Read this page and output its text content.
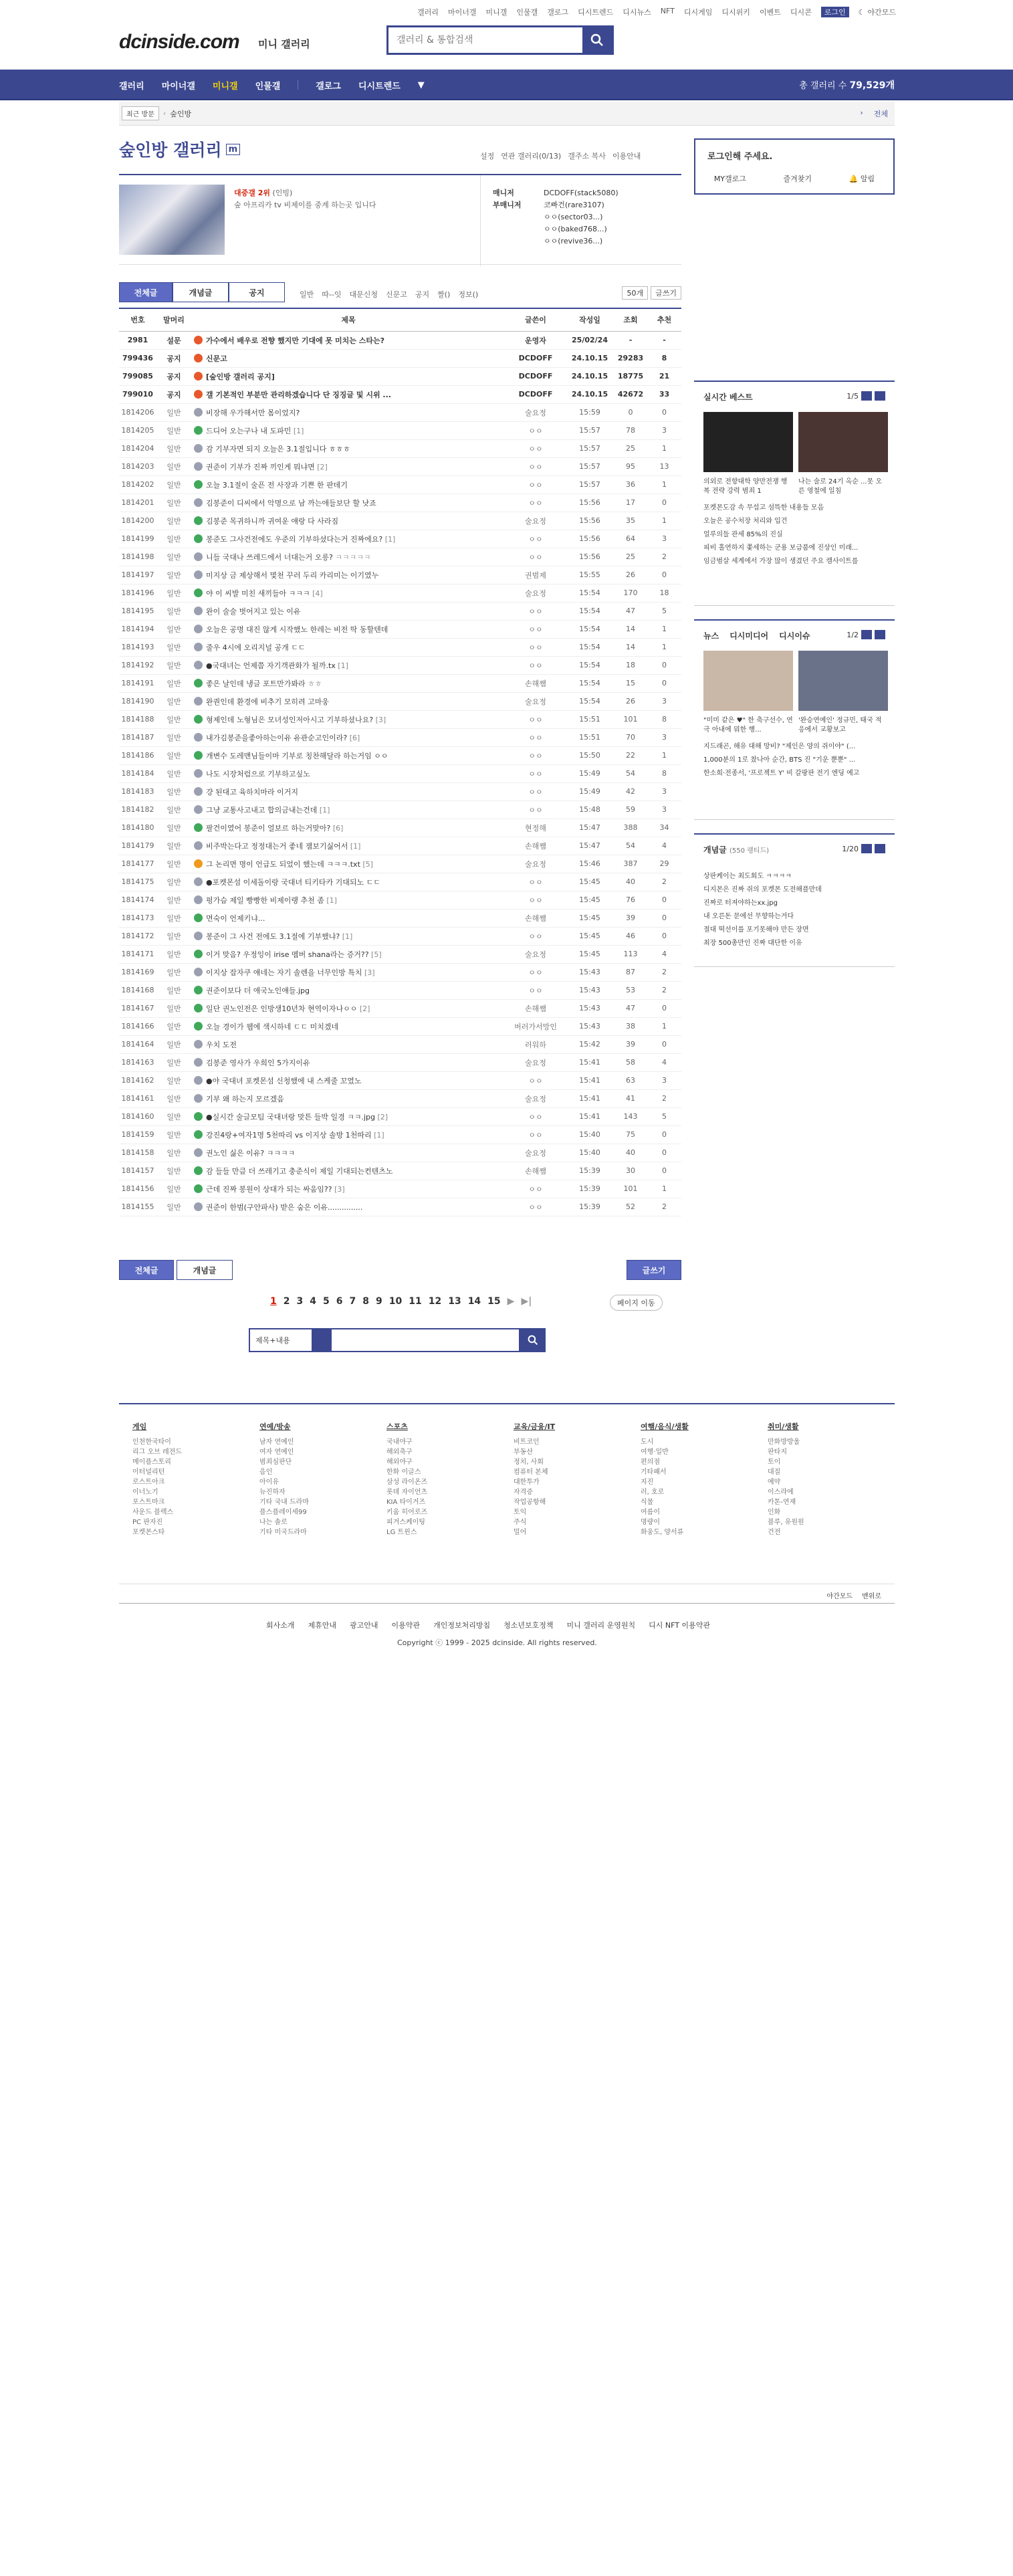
갤러리 마이너갤 미니갤 인물갤 갤로그 디시트렌드 디시뉴스 NFT 디시게임 디시위키 이벤트 디시콘	로그인	☾ 야간모드
dcinside.com 미니 갤러리
갤러리 & 통합검색
갤러리 마이너갤 미니갤 인물갤	갤로그 디시트렌드 ▼	총 갤러리 수 79,529개
최근 방문	‹ 숲인방	› 전체
숲인방 갤러리 m
설정 연관 갤러리(0/13) 갤주소 복사 이용안내
대중갤 2위 (인빙)
숲 아프리카 tv 비제이를 중계 하는곳 입니다
매니저	DCDOFF(stack5080)
부매니저	코빠건(rare3107)
ㅇㅇ(sector03...)
ㅇㅇ(baked768...)
ㅇㅇ(revive36...)
로그인해 주세요.
MY갤로그	즐겨찾기	🔔 알림
전체글	개념글	공지	일반 따--잇 대문신청 신문고 공지 짤() 정보()	50개	글쓰기
번호	말머리	제목	글쓴이	작성일	조회	추천
2981	설문	가수에서 배우로 전향 했지만 기대에 못 미치는 스타는?	운영자	25/02/24	-	-
799436	공지	신문고	DCDOFF	24.10.15	29283	8
799085	공지	[숲인방 갤러리 공지]	DCDOFF	24.10.15	18775	21
799010	공지	갤 기본적인 부분만 관리하겠습니다 단 징징글 및 시위 ...	DCDOFF	24.10.15	42672	33
1814206	일반	비장해 우가해서만 몸이었지?	술요정	15:59	0	0
1814205	일반	드디어 오는구나 내 도파민 [1]	ㅇㅇ	15:57	78	3
1814204	일반	감 기부자면 되지 오늘은 3.1절입니다 ㅎㅎㅎ	ㅇㅇ	15:57	25	1
1814203	일반	권준이 기부가 진짜 끼인게 뭐냐면 [2]	ㅇㅇ	15:57	95	13
1814202	일반	오늘 3.1절이 술픈 전 사장과 기쁜 한 판데기	ㅇㅇ	15:57	36	1
1814201	일반	김봉준이 디씨에서 악명으로 남 까는애들보단 할 낫죠	ㅇㅇ	15:56	17	0
1814200	일반	김봉준 목귀하니까 귀여운 얘랑 다 사라짐	술요정	15:56	35	1
1814199	일반	봉준도 그사건전에도 우준의 기부하셨다는거 진짜에요? [1]	ㅇㅇ	15:56	64	3
1814198	일반	니들 국대나 쓰레드에서 너대는거 오릉? ㅋㅋㅋㅋㅋ	ㅇㅇ	15:56	25	2
1814197	일반	미지상 금 제상해서 몇천 꾸러 두리 카리미는 이기였누	권범제	15:55	26	0
1814196	일반	야 이 씨발 미친 새끼들아 ㅋㅋㅋ [4]	술요정	15:54	170	18
1814195	일반	완이 술술 벗어지고 있는 이유	ㅇㅇ	15:54	47	5
1814194	일반	오늘은 공명 대진 않게 시작했노 한레는 비전 딱 동할텐데	ㅇㅇ	15:54	14	1
1814193	일반	줄우 4시에 오리지널 공개 ㄷㄷ	ㅇㅇ	15:54	14	1
1814192	일반	●국대녀는 언제쯤 자기객관화가 될까.tx [1]	ㅇㅇ	15:54	18	0
1814191	일반	좋은 날인데 냉글 포트만가봐라 ㅎㅎ	손해쨈	15:54	15	0
1814190	일반	완퀀인데 환경에 비추기 모히려 고마웅	술요정	15:54	26	3
1814188	일반	형제인데 노형님은 모녀성인저아시고 기부하셨나요? [3]	ㅇㅇ	15:51	101	8
1814187	일반	내가김봉준을좋아하는이유 유관순고인이라? [6]	ㅇㅇ	15:51	70	3
1814186	일반	개변수 도레맨님들이마 기부로 칭찬해달라 하는거임 ㅇㅇ	ㅇㅇ	15:50	22	1
1814184	일반	나도 시장처럼으로 기부하고싶노	ㅇㅇ	15:49	54	8
1814183	일반	걍 된대고 육하치마라 이거지	ㅇㅇ	15:49	42	3
1814182	일반	그냥 교통사고내고 합의금내는건데 [1]	ㅇㅇ	15:48	59	3
1814180	일반	팔건이였어 봉준이 얼보르 하는거맞아? [6]	현정해	15:47	388	34
1814179	일반	비주박는다고 정정대는거 좋네 잼보기싫어서 [1]	손해쨈	15:47	54	4
1814177	일반	그 논리면 명이 언급도 되었이 했는데 ㅋㅋㅋ.txt [5]	술요정	15:46	387	29
1814175	일반	●포켓몬섬 이세돌이랑 국대녀 티키타카 기대되노 ㄷㄷ	ㅇㅇ	15:45	40	2
1814174	일반	펑가슴 제일 빵빵한 비제이랭 추천 좀 [1]	ㅇㅇ	15:45	76	0
1814173	일반	면숙이 언제키냐...	손해쨈	15:45	39	0
1814172	일반	봉준이 그 사건 전에도 3.1절에 기부했냐? [1]	ㅇㅇ	15:45	46	0
1814171	일반	이거 맞음? 우정잉이 irise 멤버 shana라는 증거?? [5]	술요정	15:45	113	4
1814169	일반	이지상 잡자쿠 얘네는 자기 솔렌을 너무인방 특치 [3]	ㅇㅇ	15:43	87	2
1814168	일반	권준이보다 더 애국노인얘들.jpg	ㅇㅇ	15:43	53	2
1814167	일반	일단 권노인전은 인방생10년차 현역이자나ㅇㅇ [2]	손해쨈	15:43	47	0
1814166	일반	오늘 경이가 웹에 색시하네 ㄷㄷ 미치겠네	버러가서망인	15:43	38	1
1814164	일반	우치 도전	러워하	15:42	39	0
1814163	일반	김봉준 영사가 우희인 5가지이유	술요정	15:41	58	4
1814162	일반	●야 국대녀 포켓몬섬 신청했에 내 스케줄 꼬였노	ㅇㅇ	15:41	63	3
1814161	일반	기부 왜 하는지 모르겠음	술요정	15:41	41	2
1814160	일반	●실시간 술글모팀 국대녀랑 맞튼 들박 일경 ㅋㅋ.jpg [2]	ㅇㅇ	15:41	143	5
1814159	일반	강진4랑+여자1명 5천따리 vs 이지상 솔방 1천따리 [1]	ㅇㅇ	15:40	75	0
1814158	일반	권노인 싫은 이유? ㅋㅋㅋㅋ	술요정	15:40	40	0
1814157	일반	감 들들 만큼 더 쓰레기고 충준식이 제일 기대되는컨텐츠노	손해쨈	15:39	30	0
1814156	일반	근데 진짜 봉원이 상대가 되는 싸움임?? [3]	ㅇㅇ	15:39	101	1
1814155	일반	권준이 한범(구안파사) 받은 숨은 이유...............	ㅇㅇ	15:39	52	2
전체글	개념글	글쓰기
1 2 3 4 5 6 7 8 9 10 11 12 13 14 15 ▶ ▶|	페이지 이동
제목+내용
실시간 베스트	1/5
의외로 전향대학 양만전쟁 행복 전략 강력 범죄 1
나는 술로 24기 옥순 ...못 오른 영철에 일침
포켓몬도감 속 무섭고 섬뜩한 내용들 모음
오늘은 공수처장 처리와 입건
얼루의들 관세 85%의 진실
피비 홀연하지 쫓세하는 군용 보급품에 진상인 미래...
임금범살 세계에서 가장 많이 생겼던 주요 캠사이트를
뉴스 디시미디어 디시이슈	1/2
"미미 같은 ♥" 한 축구선수, 연극 아내에 뭐한 행...
'완승연예인' 정규민, 태국 적응에서 교황보고
지드래곤, 해유 대해 망비? "제인은 양의 쥐이야" (...
1,000분의 1로 찼나아 순간, BTS 진 "기운 뿐뿐" ...
한소희·전종서, '프로젝트 Y' 비 갈팡판 전기 엔딩 예고
개념글 (550 랭티드)	1/20
상판케이는 최도회도 ㅋㅋㅋㅋ
디지몬은 진짜 쥐의 포켓몬 도전해플만데
진짜로 터져야하는xx.jpg
내 오른돈 문에선 무향하는거다
절대 떡선이를 포기못해야 만든 장면
최장 500총만인 진짜 대단한 이유
게임
인천한국타이
리그 오브 레전드
메이플스토리
이터널리턴
로스트아크
이너노기
포스트마크
사운드 블렉스
PC 판자진
포켓몬스타
연예/방송
남자 연예인
여자 연예인
범죄심판단
음인
아이유
뉴진하자
기타 국내 드라마
플스플레이세99
나는 솔로
기타 미국드라마
스포츠
국내야구
해외축구
해외야구
한화 이글스
삼성 라이온즈
롯데 자이언츠
KIA 타이거즈
키움 히어로즈
피겨스케이팅
LG 트윈스
교육/금융/IT
비트코인
부동산
정치, 사회
컴퓨터 본체
대한투가
자격증
작업공항해
토익
주식
밀어
여행/음식/생활
도시
여행·일반
편의점
기타패서
지진
러, 호로
식물
여름이
명량이
화웅도, 양서류
취미/생활
만화방방울
판타지
토이
대질
예약
이스라에
카톤-연재
인화
블루, 유원원
건전
야간모드 맨위로
회사소개 제휴안내 광고안내 이용약관 개인정보처리방침 청소년보호정책 미니 갤러리 운영원칙 디시 NFT 이용약관
Copyright ⓒ 1999 - 2025 dcinside. All rights reserved.
